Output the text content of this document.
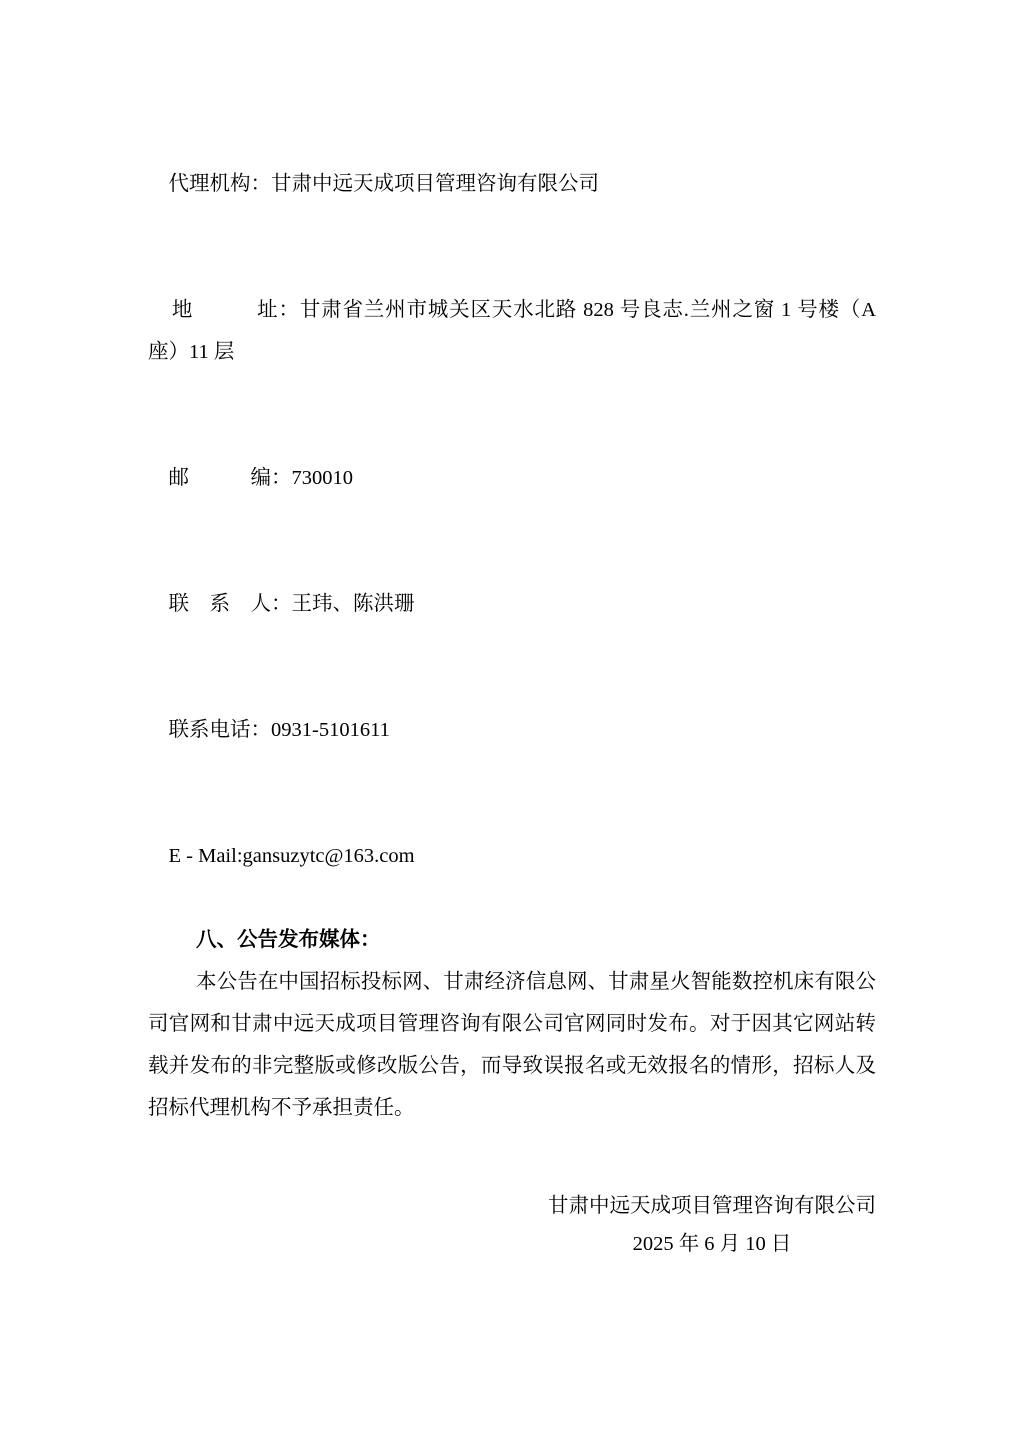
代理机构：甘肃中远天成项目管理咨询有限公司

地　　　址：甘肃省兰州市城关区天水北路 828 号良志.兰州之窗 1 号楼（A 座）11 层

邮　　　编：730010

联　系　人：王玮、陈洪珊

联系电话：0931-5101611

E - Mail:gansuzytc@163.com

八、公告发布媒体：

本公告在中国招标投标网、甘肃经济信息网、甘肃星火智能数控机床有限公司官网和甘肃中远天成项目管理咨询有限公司官网同时发布。对于因其它网站转载并发布的非完整版或修改版公告，而导致误报名或无效报名的情形，招标人及招标代理机构不予承担责任。

甘肃中远天成项目管理咨询有限公司
2025 年 6 月 10 日
